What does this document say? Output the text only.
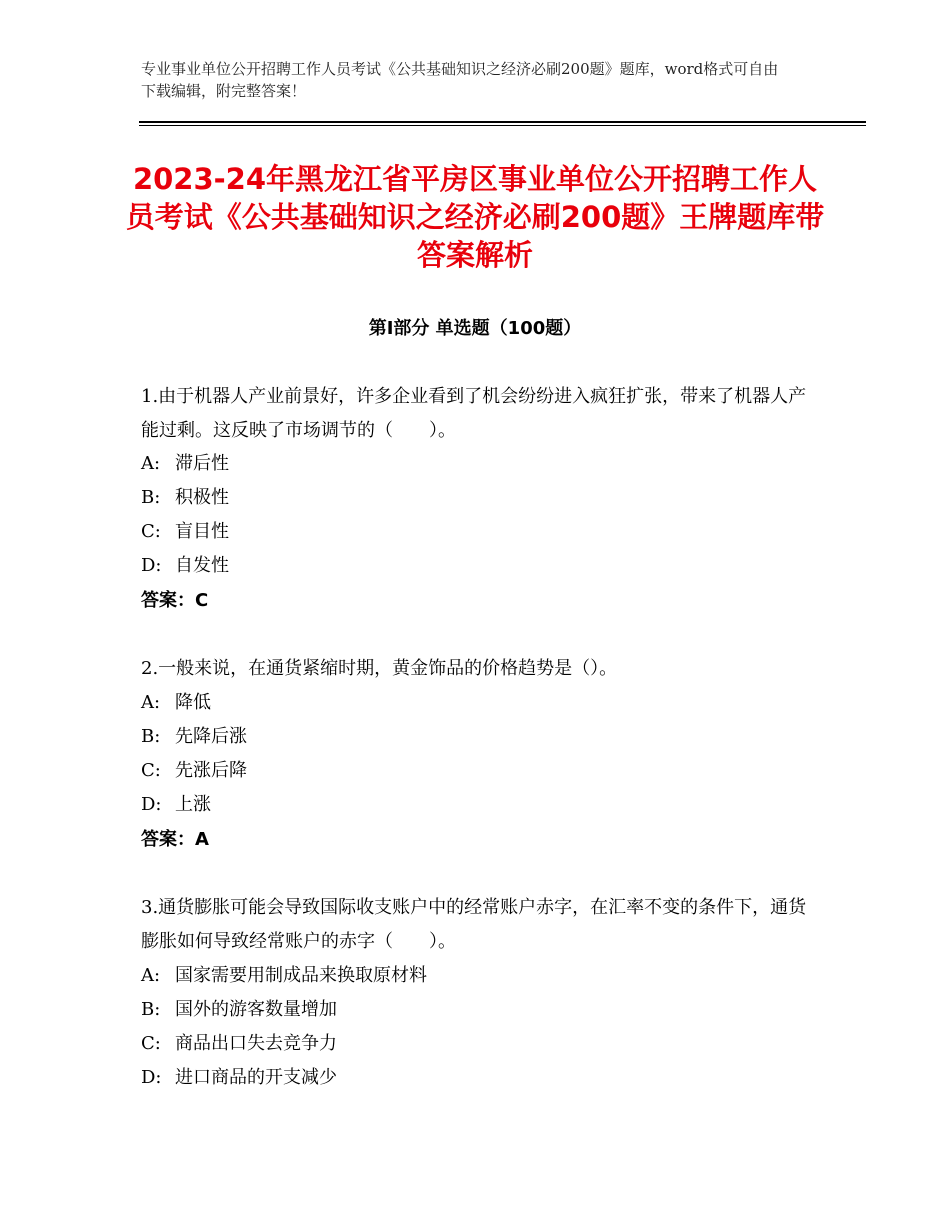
专业事业单位公开招聘工作人员考试《公共基础知识之经济必刷200题》题库，word格式可自由下载编辑，附完整答案！
2023-24年黑龙江省平房区事业单位公开招聘工作人员考试《公共基础知识之经济必刷200题》王牌题库带答案解析
第Ⅰ部分 单选题（100题）
1.由于机器人产业前景好，许多企业看到了机会纷纷进入疯狂扩张，带来了机器人产能过剩。这反映了市场调节的（　　）。
A: 滞后性
B: 积极性
C: 盲目性
D: 自发性
答案：C
2.一般来说，在通货紧缩时期，黄金饰品的价格趋势是（）。
A: 降低
B: 先降后涨
C: 先涨后降
D: 上涨
答案：A
3.通货膨胀可能会导致国际收支账户中的经常账户赤字，在汇率不变的条件下，通货膨胀如何导致经常账户的赤字（　　）。
A: 国家需要用制成品来换取原材料
B: 国外的游客数量增加
C: 商品出口失去竞争力
D: 进口商品的开支减少
